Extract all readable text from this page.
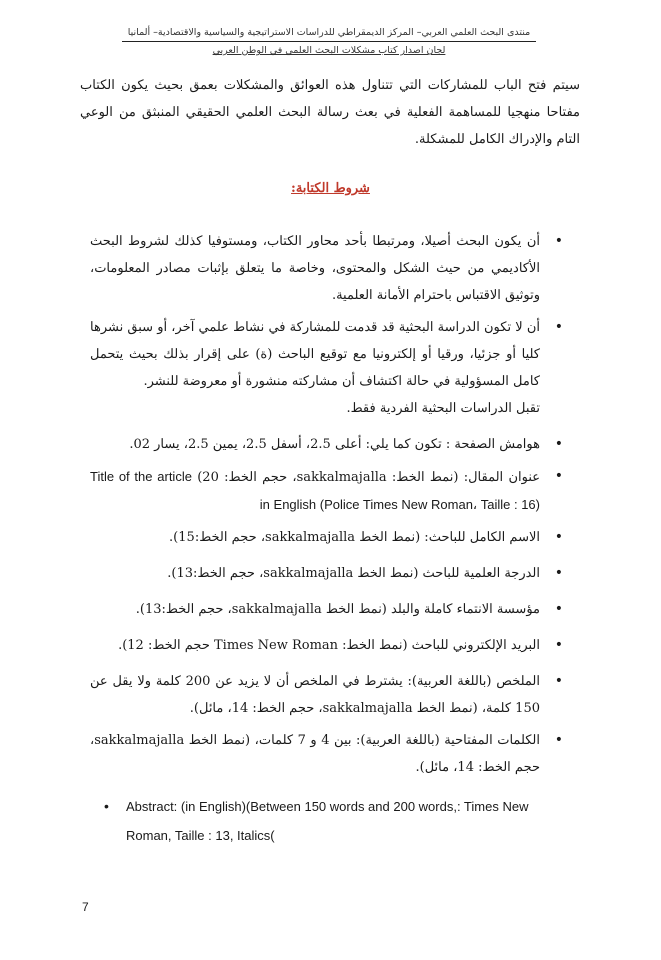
منتدى البحث العلمي العربي– المركز الديمقراطي للدراسات الاستراتيجية والسياسية والاقتصادية– ألمانيا
لجان اصدار كتاب مشكلات البحث العلمي في الوطن العربي
سيتم فتح الباب للمشاركات التي تتناول هذه العوائق والمشكلات بعمق بحيث يكون الكتاب مفتاحا منهجيا للمساهمة الفعلية في بعث رسالة البحث العلمي الحقيقي المنبثق من الوعي التام والإدراك الكامل للمشكلة.
شروط الكتابة:
•
أن يكون البحث أصيلا، ومرتبطا بأحد محاور الكتاب، ومستوفيا كذلك لشروط البحث الأكاديمي من حيث الشكل والمحتوى، وخاصة ما يتعلق بإثبات مصادر المعلومات، وتوثيق الاقتباس باحترام الأمانة العلمية.
•
أن لا تكون الدراسة البحثية قد قدمت للمشاركة في نشاط علمي آخر، أو سبق نشرها كليا أو جزئيا، ورقيا أو إلكترونيا مع توقيع الباحث (ة) على إقرار بذلك بحيث يتحمل كامل المسؤولية في حالة اكتشاف أن مشاركته منشورة أو معروضة للنشر.
تقبل الدراسات البحثية الفردية فقط.
•
هوامش الصفحة : تكون كما يلي: أعلى 2.5، أسفل 2.5، يمين 2.5، يسار 02.
•
عنوان المقال: (نمط الخط: sakkalmajalla، حجم الخط: 20) Title of the article in English (Police Times New Roman، Taille : 16)
•
الاسم الكامل للباحث: (نمط الخط sakkalmajalla، حجم الخط:15).
•
الدرجة العلمية للباحث (نمط الخط sakkalmajalla، حجم الخط:13).
•
مؤسسة الانتماء كاملة والبلد (نمط الخط sakkalmajalla، حجم الخط:13).
•
البريد الإلكتروني للباحث (نمط الخط: Times New Roman حجم الخط: 12).
•
الملخص (باللغة العربية): يشترط في الملخص أن لا يزيد عن 200 كلمة ولا يقل عن 150 كلمة، (نمط الخط sakkalmajalla، حجم الخط: 14، مائل).
•
الكلمات المفتاحية (باللغة العربية): بين 4 و 7 كلمات، (نمط الخط sakkalmajalla، حجم الخط: 14، مائل).
• Abstract: (in English)(Between 150 words and 200 words,: Times New Roman, Taille : 13, Italics(
7
